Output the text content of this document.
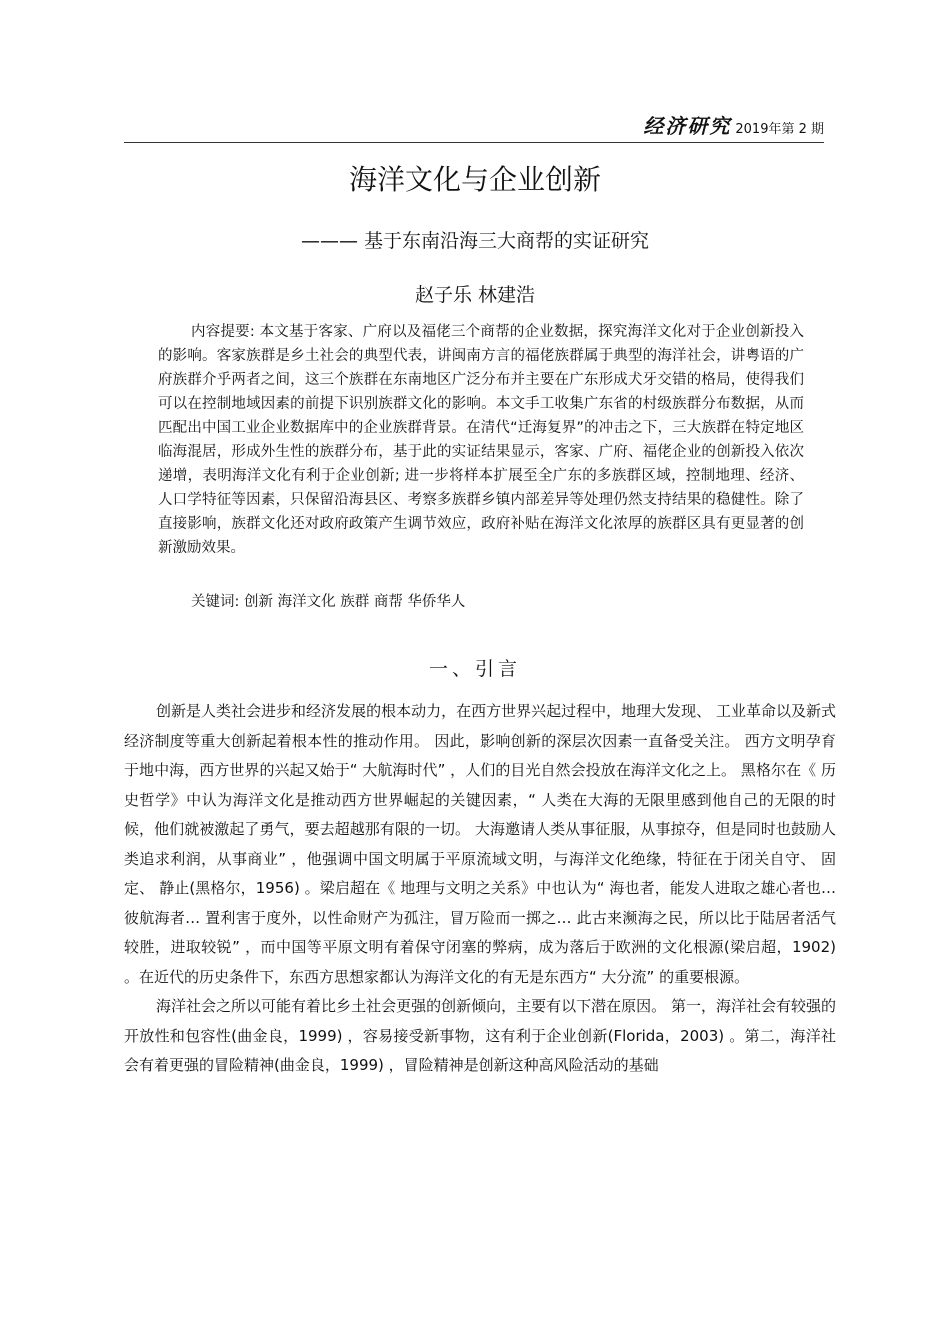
经济研究 2019年第 2 期
海洋文化与企业创新
——— 基于东南沿海三大商帮的实证研究
赵子乐 林建浩

内容提要: 本文基于客家、广府以及福佬三个商帮的企业数据，探究海洋文化对于企业创新投入的影响。客家族群是乡土社会的典型代表，讲闽南方言的福佬族群属于典型的海洋社会，讲粤语的广府族群介乎两者之间，这三个族群在东南地区广泛分布并主要在广东形成犬牙交错的格局，使得我们可以在控制地域因素的前提下识别族群文化的影响。本文手工收集广东省的村级族群分布数据，从而匹配出中国工业企业数据库中的企业族群背景。在清代“迁海复界”的冲击之下，三大族群在特定地区临海混居，形成外生性的族群分布，基于此的实证结果显示，客家、广府、福佬企业的创新投入依次递增，表明海洋文化有利于企业创新; 进一步将样本扩展至全广东的多族群区域，控制地理、经济、人口学特征等因素，只保留沿海县区、考察多族群乡镇内部差异等处理仍然支持结果的稳健性。除了直接影响，族群文化还对政府政策产生调节效应，政府补贴在海洋文化浓厚的族群区具有更显著的创新激励效果。

关键词: 创新 海洋文化 族群 商帮 华侨华人

一、引言

创新是人类社会进步和经济发展的根本动力，在西方世界兴起过程中，地理大发现、 工业革命以及新式经济制度等重大创新起着根本性的推动作用。 因此，影响创新的深层次因素一直备受关注。 西方文明孕育于地中海，西方世界的兴起又始于“ 大航海时代” ，人们的目光自然会投放在海洋文化之上。 黑格尔在《 历史哲学》中认为海洋文化是推动西方世界崛起的关键因素，“ 人类在大海的无限里感到他自己的无限的时候，他们就被激起了勇气，要去超越那有限的一切。 大海邀请人类从事征服，从事掠夺，但是同时也鼓励人类追求利润，从事商业” ，他强调中国文明属于平原流域文明，与海洋文化绝缘，特征在于闭关自守、 固定、 静止(黑格尔，1956) 。梁启超在《 地理与文明之关系》中也认为“ 海也者，能发人进取之雄心者也… 彼航海者… 置利害于度外，以性命财产为孤注，冒万险而一掷之… 此古来濒海之民，所以比于陆居者活气较胜，进取较锐” ，而中国等平原文明有着保守闭塞的弊病，成为落后于欧洲的文化根源(梁启超，1902) 。在近代的历史条件下，东西方思想家都认为海洋文化的有无是东西方“ 大分流” 的重要根源。

海洋社会之所以可能有着比乡土社会更强的创新倾向，主要有以下潜在原因。 第一，海洋社会有较强的开放性和包容性(曲金良，1999) ，容易接受新事物，这有利于企业创新(Florida，2003) 。第二，海洋社会有着更强的冒险精神(曲金良，1999) ，冒险精神是创新这种高风险活动的基础
